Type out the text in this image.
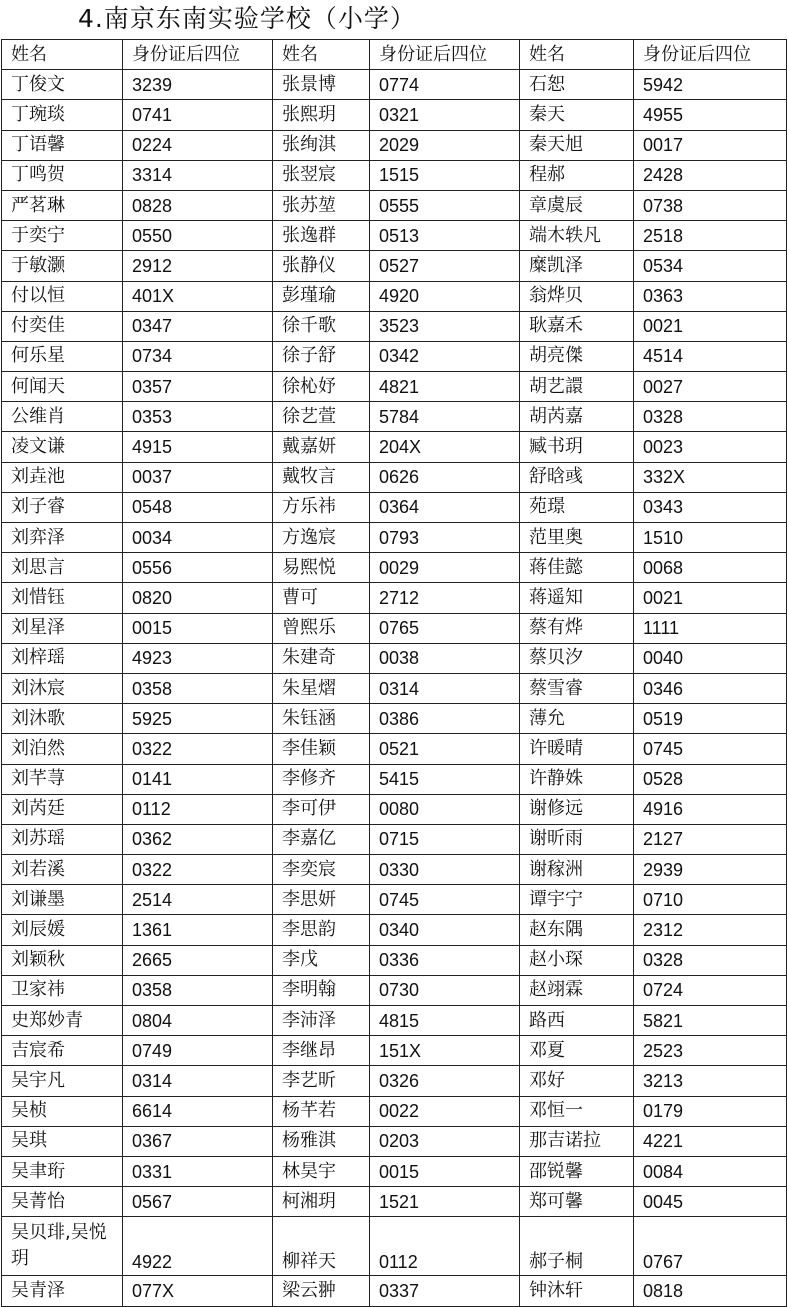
4.南京东南实验学校（小学）
姓名	身份证后四位	姓名	身份证后四位	姓名	身份证后四位
丁俊文	3239	张景博	0774	石恕	5942
丁琬琰	0741	张熙玥	0321	秦天	4955
丁语馨	0224	张绚淇	2029	秦天旭	0017
丁鸣贺	3314	张翌宸	1515	程郝	2428
严茗琳	0828	张苏堃	0555	章虞辰	0738
于奕宁	0550	张逸群	0513	端木轶凡	2518
于敏灏	2912	张静仪	0527	糜凯泽	0534
付以恒	401X	彭瑾瑜	4920	翁烨贝	0363
付奕佳	0347	徐千歌	3523	耿嘉禾	0021
何乐星	0734	徐子舒	0342	胡亮傑	4514
何闻天	0357	徐杺妤	4821	胡艺譞	0027
公维肖	0353	徐艺萱	5784	胡芮嘉	0328
凌文谦	4915	戴嘉妍	204X	臧书玥	0023
刘垚池	0037	戴牧言	0626	舒晗彧	332X
刘子睿	0548	方乐祎	0364	苑璟	0343
刘弈泽	0034	方逸宸	0793	范里奥	1510
刘思言	0556	易熙悦	0029	蒋佳懿	0068
刘惜钰	0820	曹可	2712	蒋遥知	0021
刘星泽	0015	曾熙乐	0765	蔡有烨	1111
刘梓瑶	4923	朱建奇	0038	蔡贝汐	0040
刘沐宸	0358	朱星熠	0314	蔡雪睿	0346
刘沐歌	5925	朱钰涵	0386	薄允	0519
刘泊然	0322	李佳颖	0521	许暖晴	0745
刘芊荨	0141	李修齐	5415	许静姝	0528
刘芮廷	0112	李可伊	0080	谢修远	4916
刘苏瑶	0362	李嘉亿	0715	谢昕雨	2127
刘若溪	0322	李奕宸	0330	谢稼洲	2939
刘谦墨	2514	李思妍	0745	谭宇宁	0710
刘辰媛	1361	李思韵	0340	赵东隅	2312
刘颖秋	2665	李戊	0336	赵小琛	0328
卫家祎	0358	李明翰	0730	赵翊霖	0724
史郑妙青	0804	李沛泽	4815	路西	5821
吉宸希	0749	李继昂	151X	邓夏	2523
吴宇凡	0314	李艺昕	0326	邓好	3213
吴桢	6614	杨芊若	0022	邓恒一	0179
吴琪	0367	杨雅淇	0203	那吉诺拉	4221
吴聿珩	0331	林昊宇	0015	邵锐馨	0084
吴菁怡	0567	柯湘玥	1521	郑可馨	0045
吴贝琲,吴悦玥	4922	柳祥天	0112	郝子桐	0767
吴青泽	077X	梁云翀	0337	钟沐轩	0818
